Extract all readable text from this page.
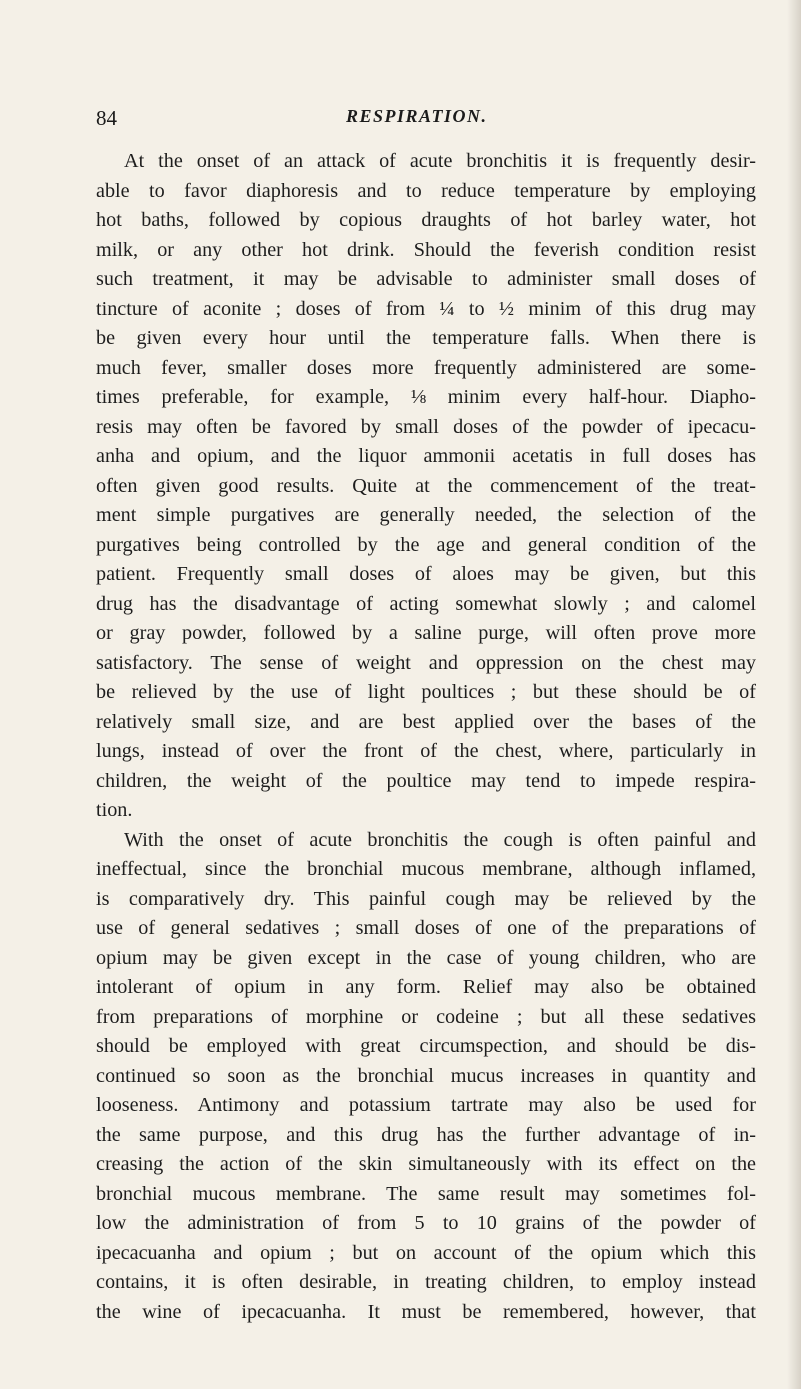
84	RESPIRATION.
At the onset of an attack of acute bronchitis it is frequently desir-
able to favor diaphoresis and to reduce temperature by employing
hot baths, followed by copious draughts of hot barley water, hot
milk, or any other hot drink. Should the feverish condition resist
such treatment, it may be advisable to administer small doses of
tincture of aconite ; doses of from ¼ to ½ minim of this drug may
be given every hour until the temperature falls. When there is
much fever, smaller doses more frequently administered are some-
times preferable, for example, ⅛ minim every half-hour. Diapho-
resis may often be favored by small doses of the powder of ipecacu-
anha and opium, and the liquor ammonii acetatis in full doses has
often given good results. Quite at the commencement of the treat-
ment simple purgatives are generally needed, the selection of the
purgatives being controlled by the age and general condition of the
patient. Frequently small doses of aloes may be given, but this
drug has the disadvantage of acting somewhat slowly ; and calomel
or gray powder, followed by a saline purge, will often prove more
satisfactory. The sense of weight and oppression on the chest may
be relieved by the use of light poultices ; but these should be of
relatively small size, and are best applied over the bases of the
lungs, instead of over the front of the chest, where, particularly in
children, the weight of the poultice may tend to impede respira-
tion.
With the onset of acute bronchitis the cough is often painful and
ineffectual, since the bronchial mucous membrane, although inflamed,
is comparatively dry. This painful cough may be relieved by the
use of general sedatives ; small doses of one of the preparations of
opium may be given except in the case of young children, who are
intolerant of opium in any form. Relief may also be obtained
from preparations of morphine or codeine ; but all these sedatives
should be employed with great circumspection, and should be dis-
continued so soon as the bronchial mucus increases in quantity and
looseness. Antimony and potassium tartrate may also be used for
the same purpose, and this drug has the further advantage of in-
creasing the action of the skin simultaneously with its effect on the
bronchial mucous membrane. The same result may sometimes fol-
low the administration of from 5 to 10 grains of the powder of
ipecacuanha and opium ; but on account of the opium which this
contains, it is often desirable, in treating children, to employ instead
the wine of ipecacuanha. It must be remembered, however, that
